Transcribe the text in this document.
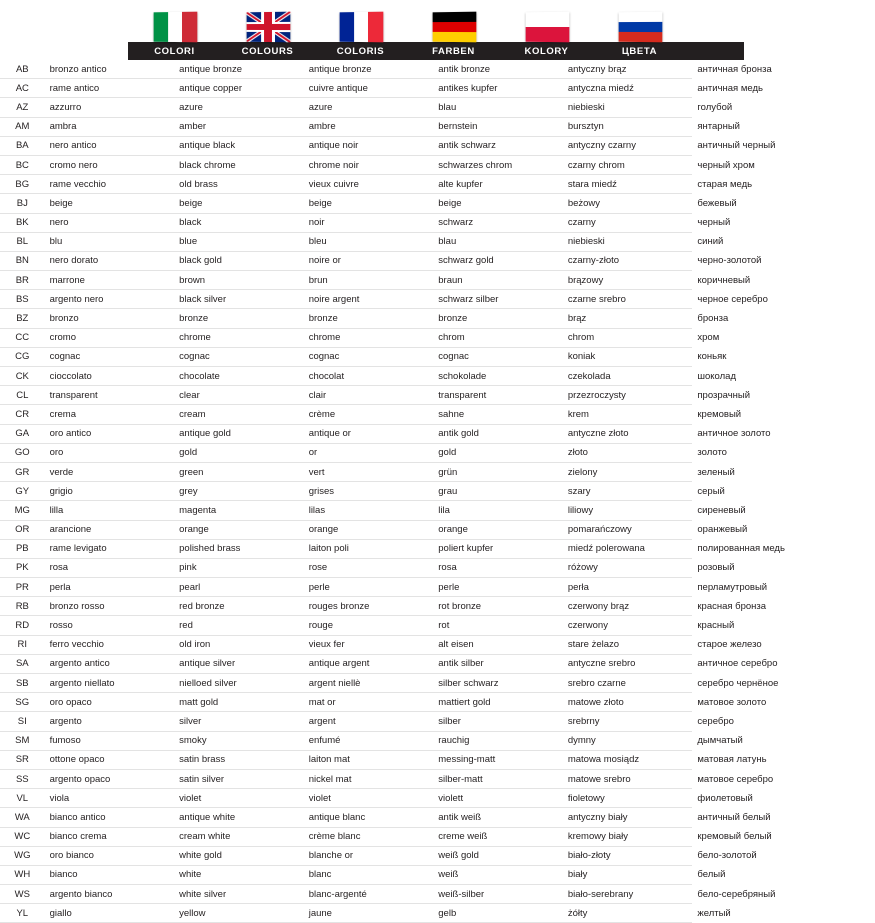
COLORI	COLOURS	COLORIS	FARBEN	KOLORY	ЦВЕТА
AB	bronzo antico	antique bronze	antique bronze	antik bronze	antyczny brąz	античная бронза
AC	rame antico	antique copper	cuivre antique	antikes kupfer	antyczna miedź	античная медь
AZ	azzurro	azure	azure	blau	niebieski	голубой
AM	ambra	amber	ambre	bernstein	bursztyn	янтарный
BA	nero antico	antique black	antique noir	antik schwarz	antyczny czarny	античный черный
BC	cromo nero	black chrome	chrome noir	schwarzes chrom	czarny chrom	черный хром
BG	rame vecchio	old brass	vieux cuivre	alte kupfer	stara miedź	старая медь
BJ	beige	beige	beige	beige	beżowy	бежевый
BK	nero	black	noir	schwarz	czarny	черный
BL	blu	blue	bleu	blau	niebieski	синий
BN	nero dorato	black gold	noire or	schwarz gold	czarny-złoto	черно-золотой
BR	marrone	brown	brun	braun	brązowy	коричневый
BS	argento nero	black silver	noire argent	schwarz silber	czarne srebro	черное серебро
BZ	bronzo	bronze	bronze	bronze	brąz	бронза
CC	cromo	chrome	chrome	chrom	chrom	хром
CG	cognac	cognac	cognac	cognac	koniak	коньяк
CK	cioccolato	chocolate	chocolat	schokolade	czekolada	шоколад
CL	transparent	clear	clair	transparent	przezroczysty	прозрачный
CR	crema	cream	crème	sahne	krem	кремовый
GA	oro antico	antique gold	antique or	antik gold	antyczne złoto	античное золото
GO	oro	gold	or	gold	złoto	золото
GR	verde	green	vert	grün	zielony	зеленый
GY	grigio	grey	grises	grau	szary	серый
MG	lilla	magenta	lilas	lila	liliowy	сиреневый
OR	arancione	orange	orange	orange	pomarańczowy	оранжевый
PB	rame levigato	polished brass	laiton poli	poliert kupfer	miedź polerowana	полированная медь
PK	rosa	pink	rose	rosa	różowy	розовый
PR	perla	pearl	perle	perle	perła	перламутровый
RB	bronzo rosso	red bronze	rouges bronze	rot bronze	czerwony brąz	красная бронза
RD	rosso	red	rouge	rot	czerwony	красный
RI	ferro vecchio	old iron	vieux fer	alt eisen	stare żelazo	старое железо
SA	argento antico	antique silver	antique argent	antik silber	antyczne srebro	античное серебро
SB	argento niellato	nielloed silver	argent niellè	silber schwarz	srebro czarne	серебро чернёное
SG	oro opaco	matt gold	mat or	mattiert gold	matowe złoto	матовое золото
SI	argento	silver	argent	silber	srebrny	серебро
SM	fumoso	smoky	enfumé	rauchig	dymny	дымчатый
SR	ottone opaco	satin brass	laiton mat	messing-matt	matowa mosiądz	матовая латунь
SS	argento opaco	satin silver	nickel mat	silber-matt	matowe srebro	матовое серебро
VL	viola	violet	violet	violett	fioletowy	фиолетовый
WA	bianco antico	antique white	antique blanc	antik weiß	antyczny biały	античный белый
WC	bianco crema	cream white	crème blanc	creme weiß	kremowy biały	кремовый белый
WG	oro bianco	white gold	blanche or	weiß gold	biało-złoty	бело-золотой
WH	bianco	white	blanc	weiß	biały	белый
WS	argento bianco	white silver	blanc-argenté	weiß-silber	biało-serebrany	бело-серебряный
YL	giallo	yellow	jaune	gelb	żółty	желтый
